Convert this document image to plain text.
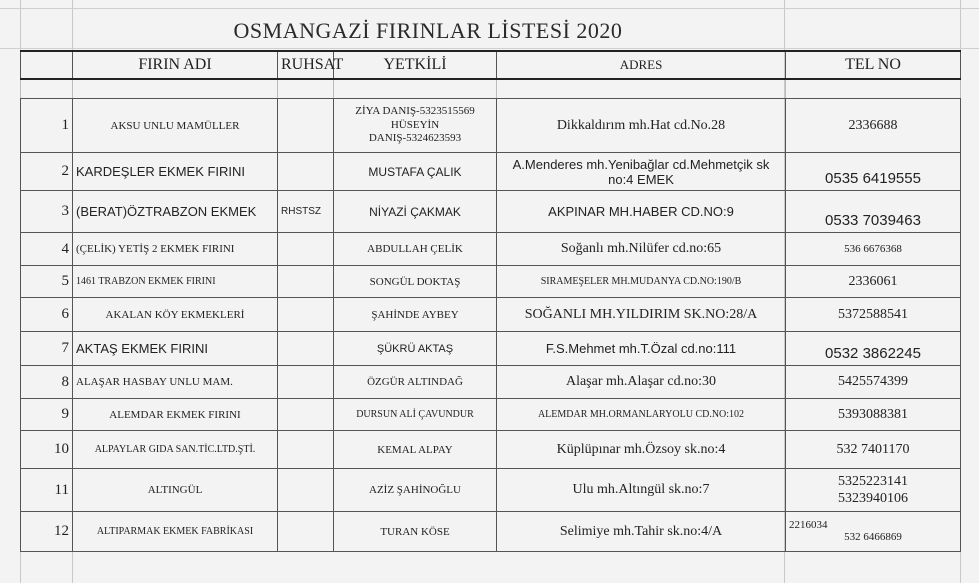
OSMANGAZİ FIRINLAR LİSTESİ 2020
	FIRIN ADI	RUHSAT	YETKİLİ	ADRES	TEL NO

1	AKSU UNLU MAMÜLLER		ZİYA DANIŞ-5323515569
HÜSEYİN
DANIŞ-5324623593	Dikkaldırım mh.Hat cd.No.28	2336688
2	KARDEŞLER EKMEK FIRINI		MUSTAFA ÇALIK	A.Menderes mh.Yenibağlar cd.Mehmetçik sk no:4 EMEK	0535 6419555
3	(BERAT)ÖZTRABZON EKMEK	RHSTSZ	NİYAZİ ÇAKMAK	AKPINAR MH.HABER CD.NO:9	0533 7039463
4	(ÇELİK) YETİŞ 2 EKMEK FIRINI		ABDULLAH ÇELİK	Soğanlı mh.Nilüfer cd.no:65	536 6676368
5	1461 TRABZON EKMEK FIRINI		SONGÜL DOKTAŞ	SIRAMEŞELER MH.MUDANYA CD.NO:190/B	2336061
6	AKALAN KÖY EKMEKLERİ		ŞAHİNDE AYBEY	SOĞANLI MH.YILDIRIM SK.NO:28/A	5372588541
7	AKTAŞ EKMEK FIRINI		ŞÜKRÜ AKTAŞ	F.S.Mehmet mh.T.Özal cd.no:111	0532 3862245
8	ALAŞAR HASBAY UNLU MAM.		ÖZGÜR ALTINDAĞ	Alaşar mh.Alaşar cd.no:30	5425574399
9	ALEMDAR EKMEK FIRINI		DURSUN ALİ ÇAVUNDUR	ALEMDAR MH.ORMANLARYOLU CD.NO:102	5393088381
10	ALPAYLAR GIDA SAN.TİC.LTD.ŞTİ.		KEMAL ALPAY	Küplüpınar mh.Özsoy sk.no:4	532 7401170
11	ALTINGÜL		AZİZ ŞAHİNOĞLU	Ulu mh.Altıngül sk.no:7	5325223141
5323940106

12	ALTIPARMAK EKMEK FABRİKASI		TURAN KÖSE	Selimiye mh.Tahir sk.no:4/A	2216034
532 6466869
